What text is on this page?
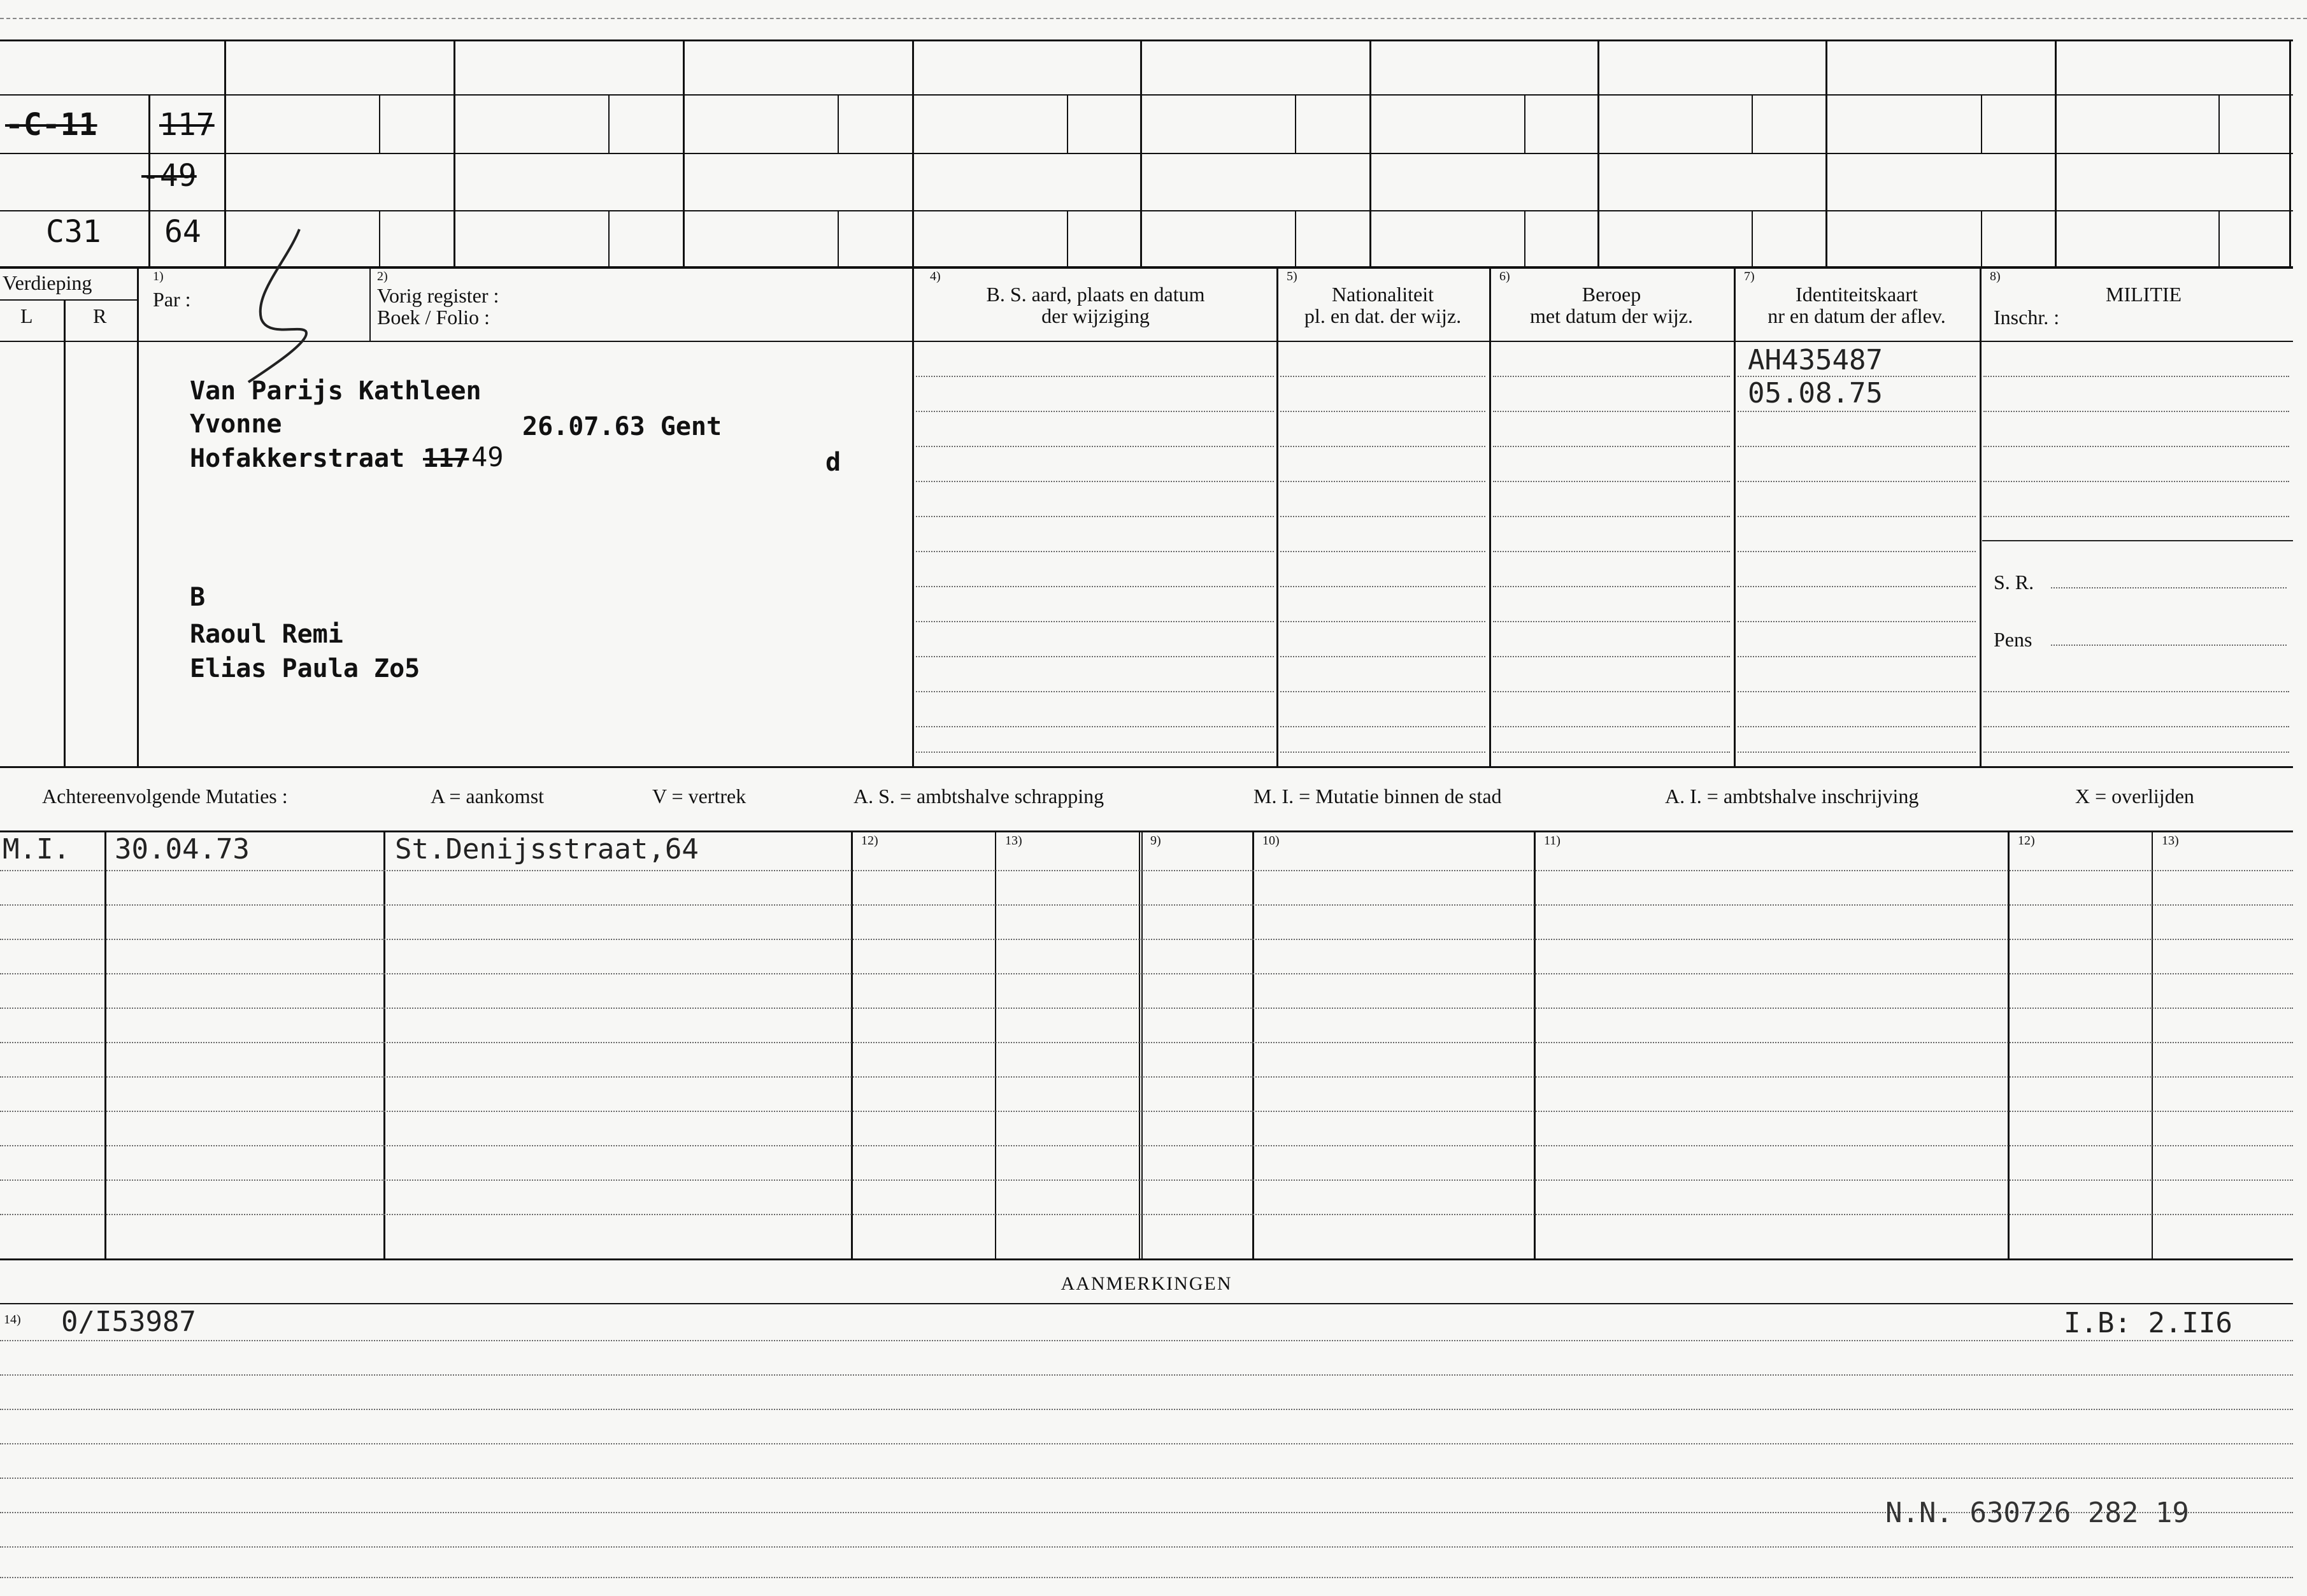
-C-11 117
-49
C31 64
Verdieping
L	R
1)
Par :
2)
Vorig register :
Boek / Folio :
4)
B. S. aard, plaats en datum
der wijziging
5)
Nationaliteit
pl. en dat. der wijz.
6)
Beroep
met datum der wijz.
7)
Identiteitskaart
nr en datum der aflev.
8)
MILITIE
Inschr. :
S. R.
Pens
Van Parijs Kathleen
Yvonne	26.07.63 Gent
Hofakkerstraat 117 49	d
B
Raoul Remi
Elias Paula Zo5
AH435487
05.08.75
Achtereenvolgende Mutaties :	A = aankomst	V = vertrek	A. S. = ambtshalve schrapping	M. I. = Mutatie binnen de stad	A. I. = ambtshalve inschrijving	X = overlijden
12)	13)	9)	10)	11)	12)	13)
M.I. 30.04.73	St.Denijsstraat,64
AANMERKINGEN
14) 0/I53987	I.B: 2.II6
N.N. 630726 282 19
